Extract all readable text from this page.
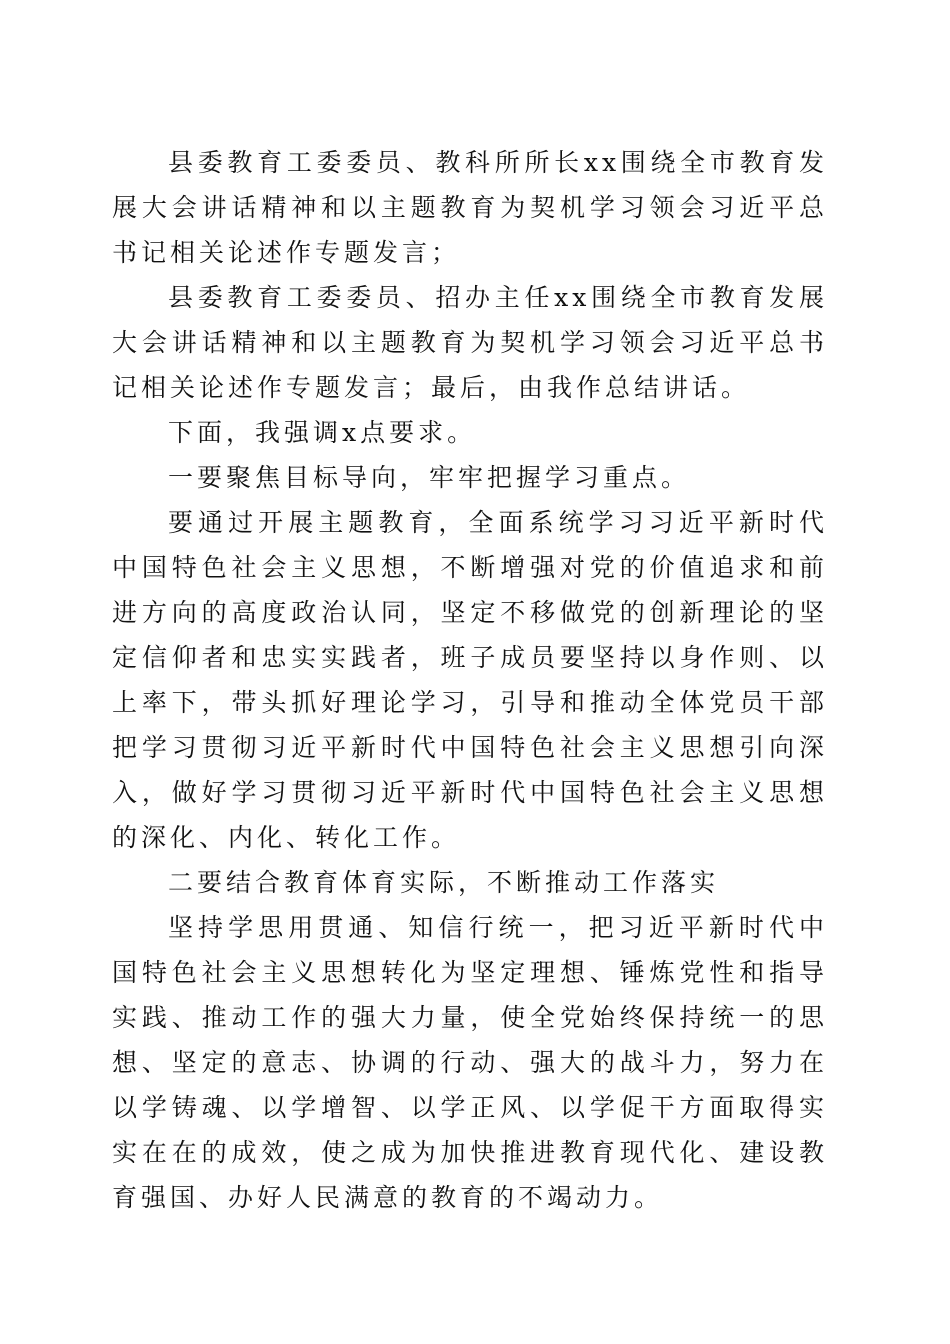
县委教育工委委员、教科所所长xx围绕全市教育发展大会讲话精神和以主题教育为契机学习领会习近平总书记相关论述作专题发言；

县委教育工委委员、招办主任xx围绕全市教育发展大会讲话精神和以主题教育为契机学习领会习近平总书记相关论述作专题发言；最后，由我作总结讲话。

下面，我强调x点要求。

一要聚焦目标导向，牢牢把握学习重点。

要通过开展主题教育，全面系统学习习近平新时代中国特色社会主义思想，不断增强对党的价值追求和前进方向的高度政治认同，坚定不移做党的创新理论的坚定信仰者和忠实实践者，班子成员要坚持以身作则、以上率下，带头抓好理论学习，引导和推动全体党员干部把学习贯彻习近平新时代中国特色社会主义思想引向深入，做好学习贯彻习近平新时代中国特色社会主义思想的深化、内化、转化工作。

二要结合教育体育实际，不断推动工作落实

坚持学思用贯通、知信行统一，把习近平新时代中国特色社会主义思想转化为坚定理想、锤炼党性和指导实践、推动工作的强大力量，使全党始终保持统一的思想、坚定的意志、协调的行动、强大的战斗力，努力在以学铸魂、以学增智、以学正风、以学促干方面取得实实在在的成效，使之成为加快推进教育现代化、建设教育强国、办好人民满意的教育的不竭动力。
